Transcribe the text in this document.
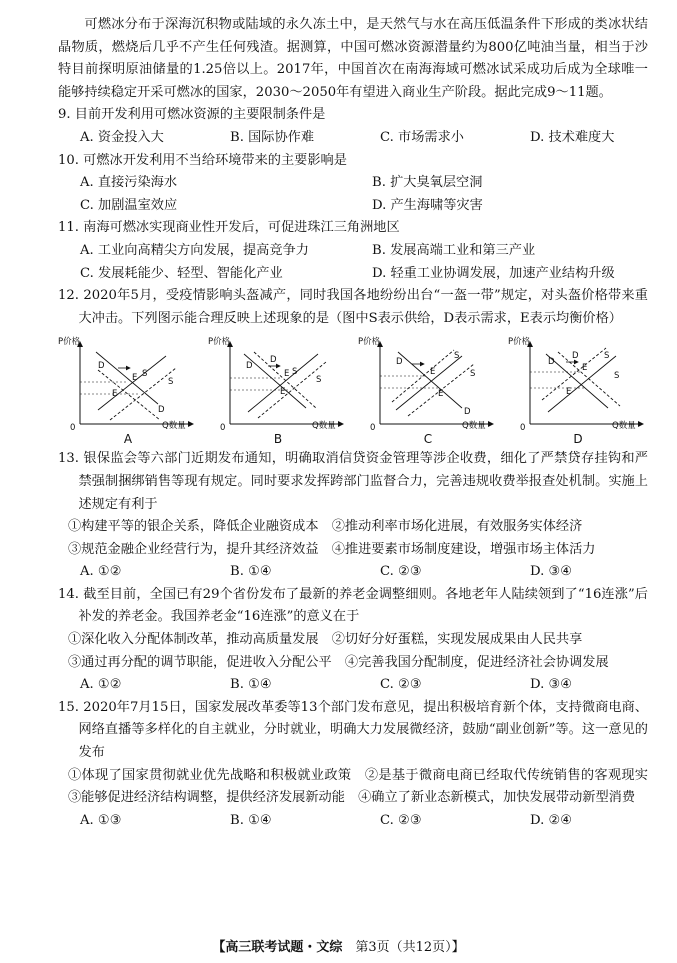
可燃冰分布于深海沉积物或陆域的永久冻土中，是天然气与水在高压低温条件下形成的类冰状结晶物质，燃烧后几乎不产生任何残渣。据测算，中国可燃冰资源潜量约为800亿吨油当量，相当于沙特目前探明原油储量的1.25倍以上。2017年，中国首次在南海海域可燃冰试采成功后成为全球唯一能够持续稳定开采可燃冰的国家，2030～2050年有望进入商业生产阶段。据此完成9～11题。

9. 目前开发利用可燃冰资源的主要限制条件是

A. 资金投入大	B. 国际协作难	C. 市场需求小	D. 技术难度大

10. 可燃冰开发利用不当给环境带来的主要影响是

A. 直接污染海水	B. 扩大臭氧层空洞
C. 加剧温室效应	D. 产生海啸等灾害

11. 南海可燃冰实现商业性开发后，可促进珠江三角洲地区

A. 工业向高精尖方向发展，提高竞争力	B. 发展高端工业和第三产业
C. 发展耗能少、轻型、智能化产业	D. 轻重工业协调发展，加速产业结构升级

12. 2020年5月，受疫情影响头盔减产，同时我国各地纷纷出台“一盔一带”规定，对头盔价格带来重大冲击。下列图示能合理反映上述现象的是（图中S表示供给，D表示需求，E表示均衡价格）

P价格
0
D
S
S
D
E
E
A
Q数量
P价格
0
D
D
S
S
E
E
B
Q数量
P价格
0
D
S
S
D
E
E
C
Q数量
P价格
0
D
D	S
S
E
E
D
Q数量

13. 银保监会等六部门近期发布通知，明确取消信贷资金管理等涉企收费，细化了严禁贷存挂钩和严禁强制捆绑销售等现有规定。同时要求发挥跨部门监督合力，完善违规收费举报查处机制。实施上述规定有利于

①构建平等的银企关系，降低企业融资成本　②推动利率市场化进展，有效服务实体经济

③规范金融企业经营行为，提升其经济效益　④推进要素市场制度建设，增强市场主体活力

A. ①②	B. ①④	C. ②③	D. ③④

14. 截至目前，全国已有29个省份发布了最新的养老金调整细则。各地老年人陆续领到了“16连涨”后补发的养老金。我国养老金“16连涨”的意义在于

①深化收入分配体制改革，推动高质量发展　②切好分好蛋糕，实现发展成果由人民共享

③通过再分配的调节职能，促进收入分配公平　④完善我国分配制度，促进经济社会协调发展

A. ①②	B. ①④	C. ②③	D. ③④

15. 2020年7月15日，国家发展改革委等13个部门发布意见，提出积极培育新个体，支持微商电商、网络直播等多样化的自主就业，分时就业，明确大力发展微经济，鼓励“副业创新”等。这一意见的发布

①体现了国家贯彻就业优先战略和积极就业政策　②是基于微商电商已经取代传统销售的客观现实　③能够促进经济结构调整，提供经济发展新动能　④确立了新业态新模式，加快发展带动新型消费

A. ①③	B. ①④	C. ②③	D. ②④
【高三联考试题・文综　 第3页（共12页）】
